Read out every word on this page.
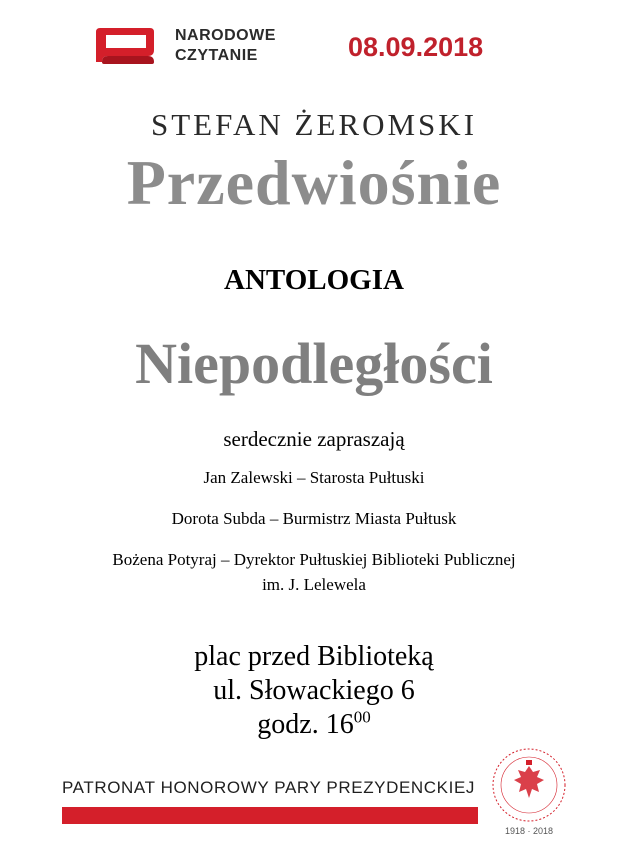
NARODOWE
CZYTANIE	08.09.2018
STEFAN ŻEROMSKI
Przedwiośnie
ANTOLOGIA
Niepodległości
serdecznie zapraszają
Jan Zalewski – Starosta Pułtuski
Dorota Subda – Burmistrz Miasta Pułtusk
Bożena Potyraj – Dyrektor Pułtuskiej Biblioteki Publicznej
im. J. Lelewela
plac przed Biblioteką
ul. Słowackiego 6
godz. $16^{00}$
PATRONAT HONOROWY PARY PREZYDENCKIEJ
1918 · 2018
